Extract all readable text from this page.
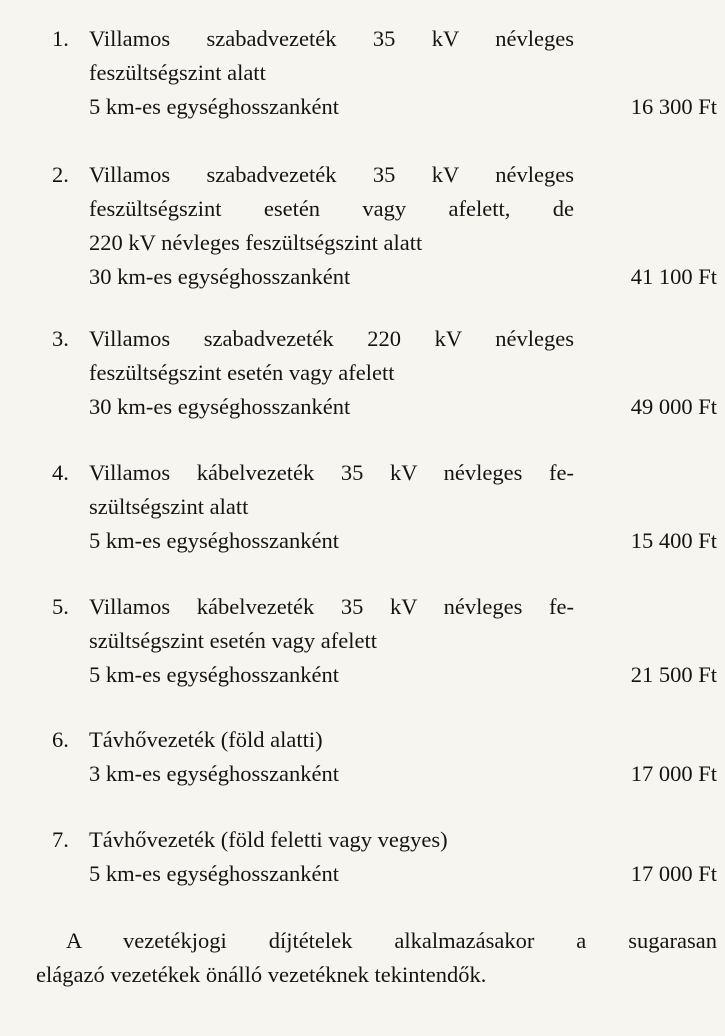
1. Villamos szabadvezeték 35 kV névleges
feszültségszint alatt
5 km-es egységhosszanként	16 300 Ft
2. Villamos szabadvezeték 35 kV névleges
feszültségszint esetén vagy afelett, de
220 kV névleges feszültségszint alatt
30 km-es egységhosszanként	41 100 Ft
3. Villamos szabadvezeték 220 kV névleges
feszültségszint esetén vagy afelett
30 km-es egységhosszanként	49 000 Ft
4. Villamos kábelvezeték 35 kV névleges fe-
szültségszint alatt
5 km-es egységhosszanként	15 400 Ft
5. Villamos kábelvezeték 35 kV névleges fe-
szültségszint esetén vagy afelett
5 km-es egységhosszanként	21 500 Ft
6. Távhővezeték (föld alatti)
3 km-es egységhosszanként	17 000 Ft
7. Távhővezeték (föld feletti vagy vegyes)
5 km-es egységhosszanként	17 000 Ft
A vezetékjogi díjtételek alkalmazásakor a sugarasan
elágazó vezetékek önálló vezetéknek tekintendők.
